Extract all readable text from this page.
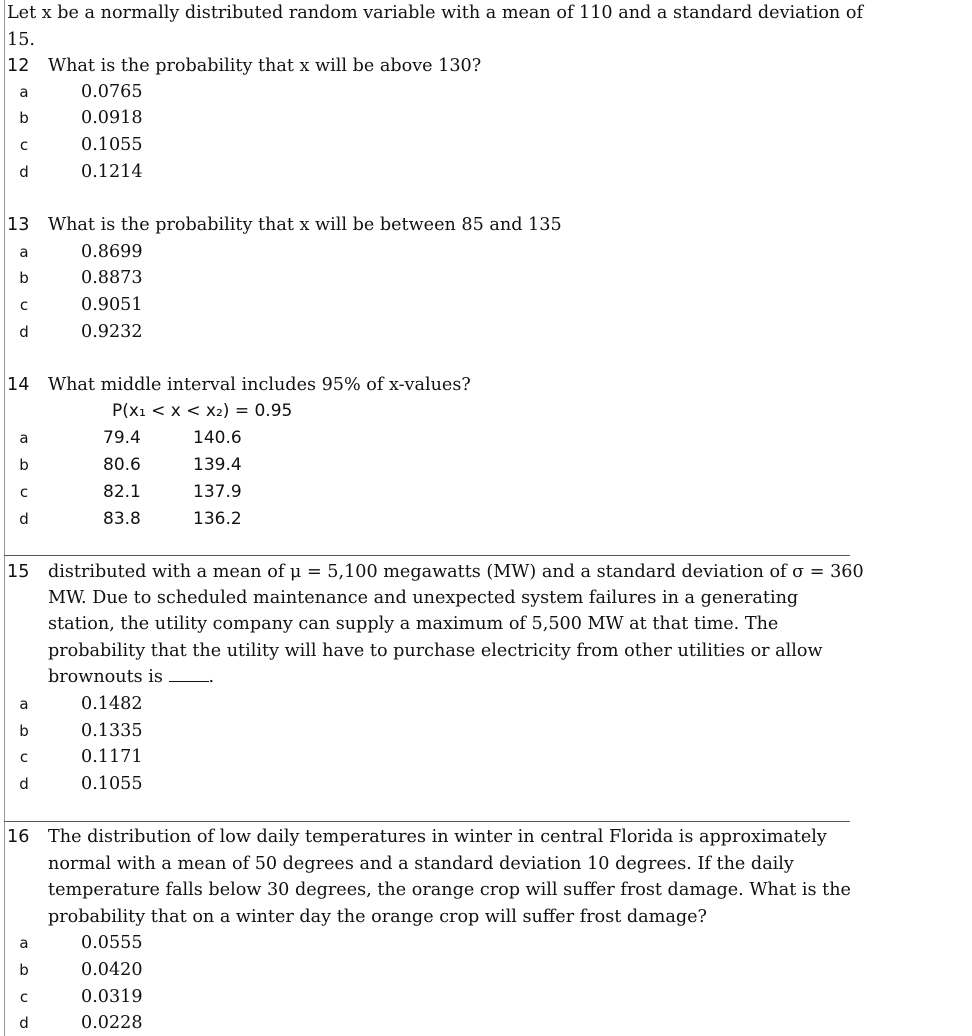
Let x be a normally distributed random variable with a mean of 110 and a standard deviation of
15.
12 What is the probability that x will be above 130?
a	0.0765
b	0.0918
c	0.1055
d	0.1214
13 What is the probability that x will be between 85 and 135
a	0.8699
b	0.8873
c	0.9051
d	0.9232
14 What middle interval includes 95% of x-values?
P(x₁ < x < x₂) = 0.95
a	79.4	140.6
b	80.6	139.4
c	82.1	137.9
d	83.8	136.2
15 distributed with a mean of μ = 5,100 megawatts (MW) and a standard deviation of σ = 360
MW. Due to scheduled maintenance and unexpected system failures in a generating
station, the utility company can supply a maximum of 5,500 MW at that time. The
probability that the utility will have to purchase electricity from other utilities or allow
brownouts is	.
a	0.1482
b	0.1335
c	0.1171
d	0.1055
16 The distribution of low daily temperatures in winter in central Florida is approximately
normal with a mean of 50 degrees and a standard deviation 10 degrees. If the daily
temperature falls below 30 degrees, the orange crop will suffer frost damage. What is the
probability that on a winter day the orange crop will suffer frost damage?
a	0.0555
b	0.0420
c	0.0319
d	0.0228
